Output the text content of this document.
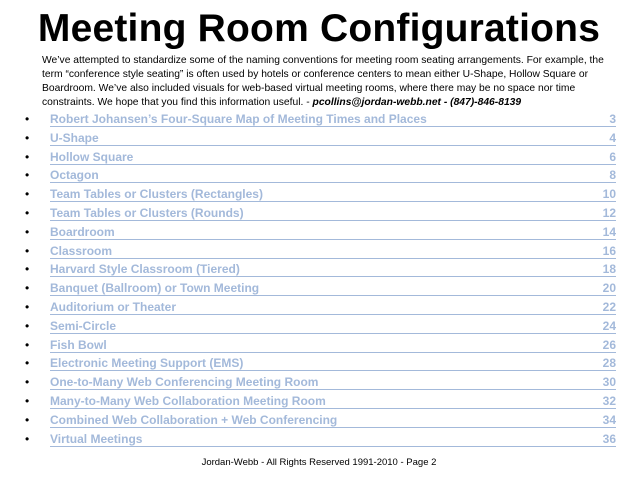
Meeting Room Configurations
We’ve attempted to standardize some of the naming conventions for meeting room seating arrangements. For example, the term “conference style seating” is often used by hotels or conference centers to mean either U-Shape, Hollow Square or Boardroom. We’ve also included visuals for web-based virtual meeting rooms, where there may be no space nor time constraints. We hope that you find this information useful. - pcollins@jordan-webb.net - (847)-846-8139
• Robert Johansen’s Four-Square Map of Meeting Times and Places	3
• U-Shape	4
• Hollow Square	6
• Octagon	8
• Team Tables or Clusters (Rectangles)	10
• Team Tables or Clusters (Rounds)	12
• Boardroom	14
• Classroom	16
• Harvard Style Classroom (Tiered)	18
• Banquet (Ballroom) or Town Meeting	20
• Auditorium or Theater	22
• Semi-Circle	24
• Fish Bowl	26
• Electronic Meeting Support (EMS)	28
• One-to-Many Web Conferencing Meeting Room	30
• Many-to-Many Web Collaboration Meeting Room	32
• Combined Web Collaboration + Web Conferencing	34
• Virtual Meetings	36
Jordan-Webb - All Rights Reserved 1991-2010 - Page 2
